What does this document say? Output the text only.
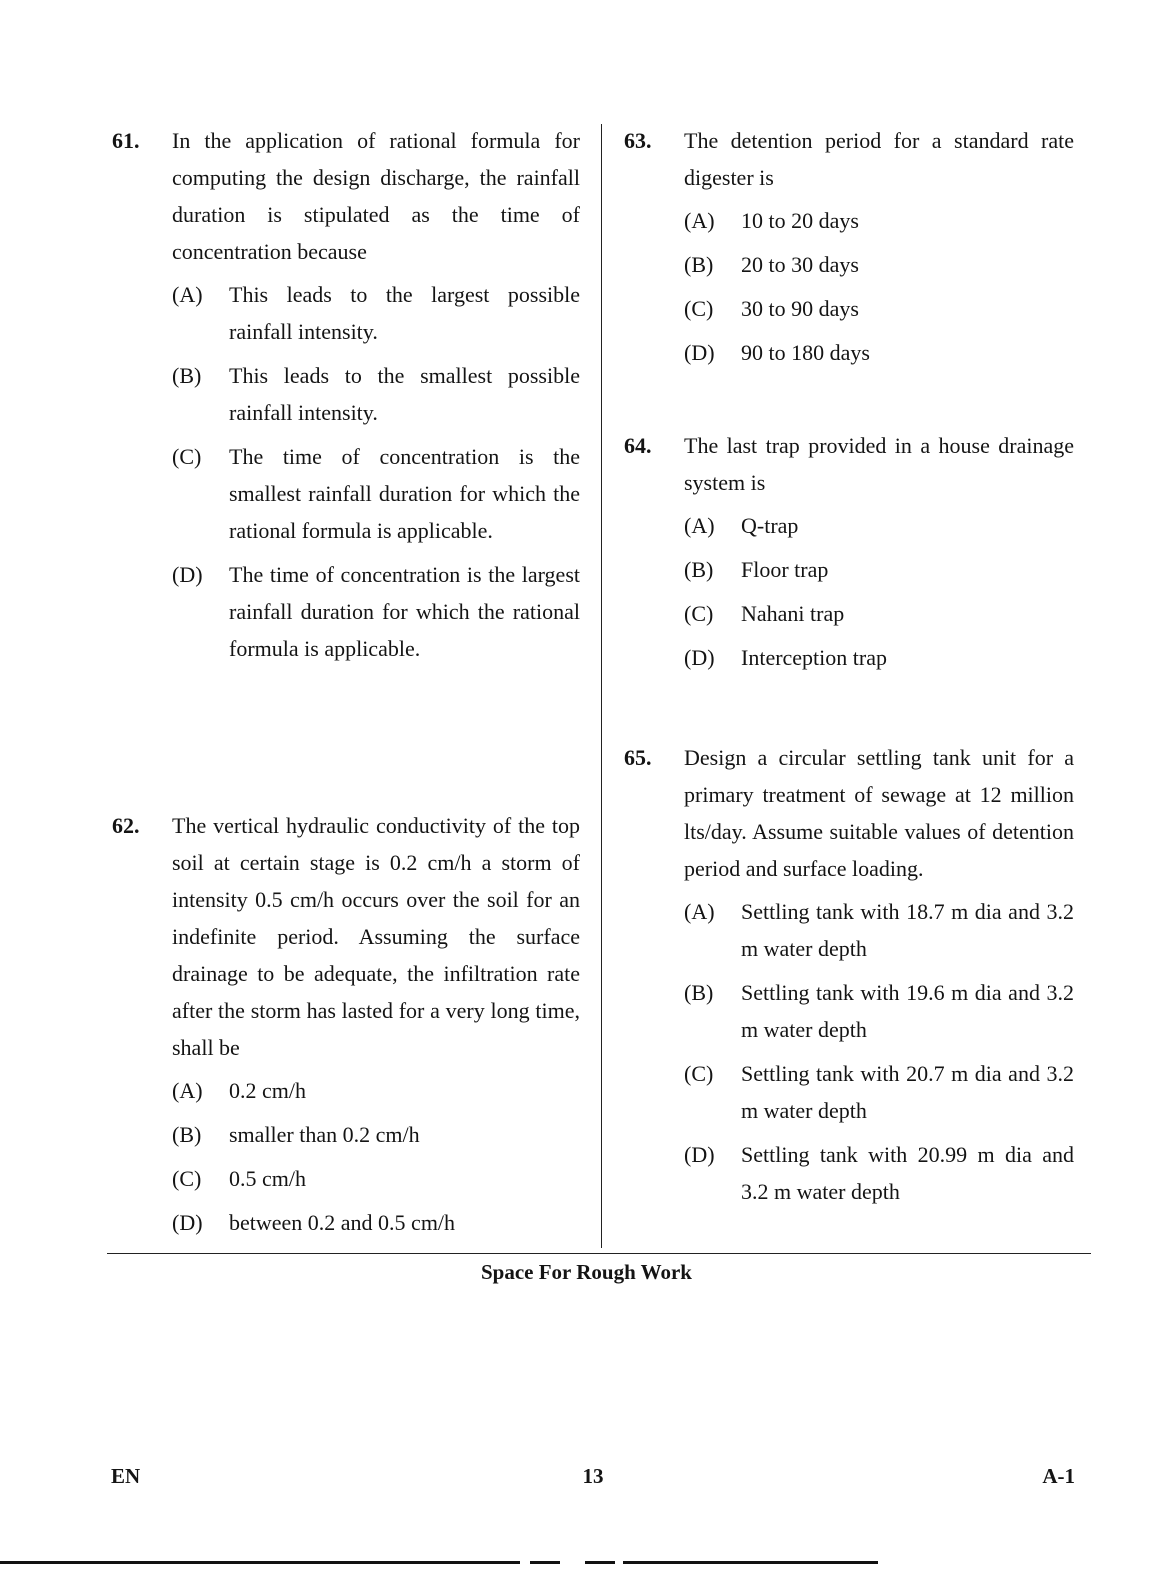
61. In the application of rational formula for computing the design discharge, the rainfall duration is stipulated as the time of concentration because
(A) This leads to the largest possible rainfall intensity.
(B) This leads to the smallest possible rainfall intensity.
(C) The time of concentration is the smallest rainfall duration for which the rational formula is applicable.
(D) The time of concentration is the largest rainfall duration for which the rational formula is applicable.
62. The vertical hydraulic conductivity of the top soil at certain stage is 0.2 cm/h a storm of intensity 0.5 cm/h occurs over the soil for an indefinite period. Assuming the surface drainage to be adequate, the infiltration rate after the storm has lasted for a very long time, shall be
(A) 0.2 cm/h
(B) smaller than 0.2 cm/h
(C) 0.5 cm/h
(D) between 0.2 and 0.5 cm/h
63. The detention period for a standard rate digester is
(A) 10 to 20 days
(B) 20 to 30 days
(C) 30 to 90 days
(D) 90 to 180 days
64. The last trap provided in a house drainage system is
(A) Q-trap
(B) Floor trap
(C) Nahani trap
(D) Interception trap
65. Design a circular settling tank unit for a primary treatment of sewage at 12 million lts/day. Assume suitable values of detention period and surface loading.
(A) Settling tank with 18.7 m dia and 3.2 m water depth
(B) Settling tank with 19.6 m dia and 3.2 m water depth
(C) Settling tank with 20.7 m dia and 3.2 m water depth
(D) Settling tank with 20.99 m dia and 3.2 m water depth
Space For Rough Work
EN	13	A-1
